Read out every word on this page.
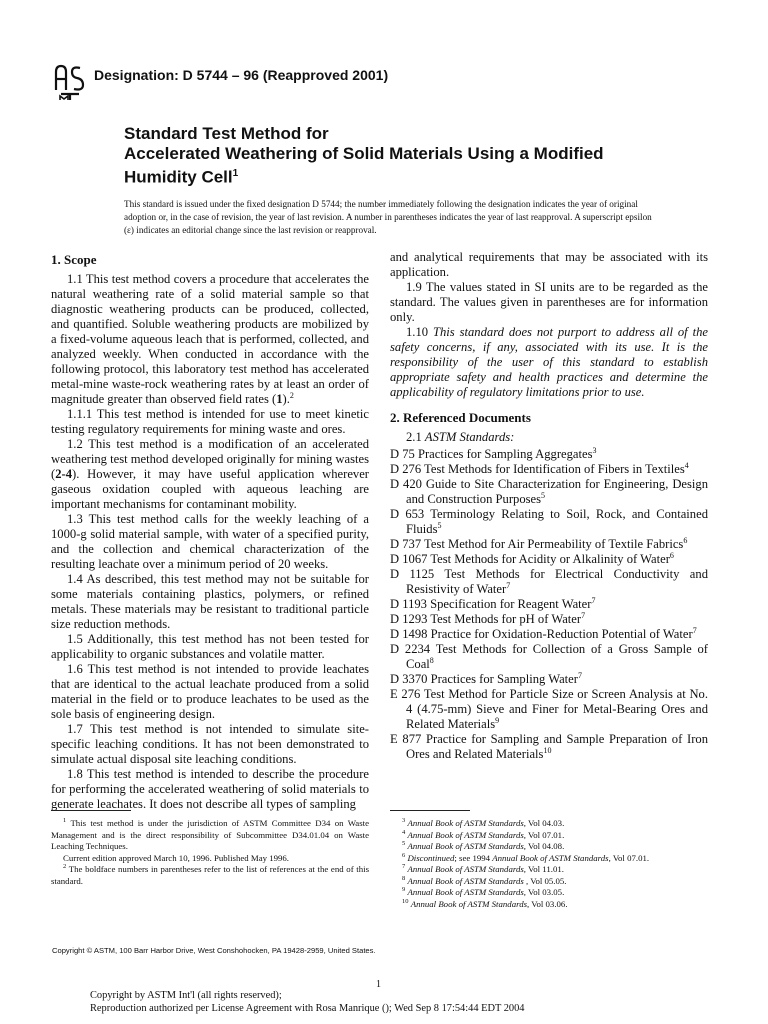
Designation: D 5744 – 96 (Reapproved 2001)
Standard Test Method for
Accelerated Weathering of Solid Materials Using a Modified
Humidity Cell$^1$
This standard is issued under the fixed designation D 5744; the number immediately following the designation indicates the year of original adoption or, in the case of revision, the year of last revision. A number in parentheses indicates the year of last reapproval. A superscript epsilon (ε) indicates an editorial change since the last revision or reapproval.
1. Scope

1.1 This test method covers a procedure that accelerates the natural weathering rate of a solid material sample so that diagnostic weathering products can be produced, collected, and quantified. Soluble weathering products are mobilized by a fixed-volume aqueous leach that is performed, collected, and analyzed weekly. When conducted in accordance with the following protocol, this laboratory test method has accelerated metal-mine waste-rock weathering rates by at least an order of magnitude greater than observed field rates (1).$^2$

1.1.1 This test method is intended for use to meet kinetic testing regulatory requirements for mining waste and ores.

1.2 This test method is a modification of an accelerated weathering test method developed originally for mining wastes (2-4). However, it may have useful application wherever gaseous oxidation coupled with aqueous leaching are important mechanisms for contaminant mobility.

1.3 This test method calls for the weekly leaching of a 1000-g solid material sample, with water of a specified purity, and the collection and chemical characterization of the resulting leachate over a minimum period of 20 weeks.

1.4 As described, this test method may not be suitable for some materials containing plastics, polymers, or refined metals. These materials may be resistant to traditional particle size reduction methods.

1.5 Additionally, this test method has not been tested for applicability to organic substances and volatile matter.

1.6 This test method is not intended to provide leachates that are identical to the actual leachate produced from a solid material in the field or to produce leachates to be used as the sole basis of engineering design.

1.7 This test method is not intended to simulate site-specific leaching conditions. It has not been demonstrated to simulate actual disposal site leaching conditions.

1.8 This test method is intended to describe the procedure for performing the accelerated weathering of solid materials to generate leachates. It does not describe all types of sampling

and analytical requirements that may be associated with its application.

1.9 The values stated in SI units are to be regarded as the standard. The values given in parentheses are for information only.

1.10 This standard does not purport to address all of the safety concerns, if any, associated with its use. It is the responsibility of the user of this standard to establish appropriate safety and health practices and determine the applicability of regulatory limitations prior to use.

2. Referenced Documents
2.1 ASTM Standards:
D 75 Practices for Sampling Aggregates$^3$
D 276 Test Methods for Identification of Fibers in Textiles$^4$
D 420 Guide to Site Characterization for Engineering, Design and Construction Purposes$^5$
D 653 Terminology Relating to Soil, Rock, and Contained Fluids$^5$
D 737 Test Method for Air Permeability of Textile Fabrics$^6$
D 1067 Test Methods for Acidity or Alkalinity of Water$^6$
D 1125 Test Methods for Electrical Conductivity and Resistivity of Water$^7$
D 1193 Specification for Reagent Water$^7$
D 1293 Test Methods for pH of Water$^7$
D 1498 Practice for Oxidation-Reduction Potential of Water$^7$
D 2234 Test Methods for Collection of a Gross Sample of Coal$^8$
D 3370 Practices for Sampling Water$^7$
E 276 Test Method for Particle Size or Screen Analysis at No. 4 (4.75-mm) Sieve and Finer for Metal-Bearing Ores and Related Materials$^9$
E 877 Practice for Sampling and Sample Preparation of Iron Ores and Related Materials$^{10}$

$^1$ This test method is under the jurisdiction of ASTM Committee D34 on Waste Management and is the direct responsibility of Subcommittee D34.01.04 on Waste Leaching Techniques.

Current edition approved March 10, 1996. Published May 1996.

$^2$ The boldface numbers in parentheses refer to the list of references at the end of this standard.

$^3$ Annual Book of ASTM Standards, Vol 04.03.
$^4$ Annual Book of ASTM Standards, Vol 07.01.
$^5$ Annual Book of ASTM Standards, Vol 04.08.
$^6$ Discontinued; see 1994 Annual Book of ASTM Standards, Vol 07.01.
$^7$ Annual Book of ASTM Standards, Vol 11.01.
$^8$ Annual Book of ASTM Standards , Vol 05.05.
$^9$ Annual Book of ASTM Standards, Vol 03.05.
$^{10}$ Annual Book of ASTM Standards, Vol 03.06.
Copyright © ASTM, 100 Barr Harbor Drive, West Conshohocken, PA 19428-2959, United States.
1
Copyright by ASTM Int'l (all rights reserved);
Reproduction authorized per License Agreement with Rosa Manrique (); Wed Sep 8 17:54:44 EDT 2004
